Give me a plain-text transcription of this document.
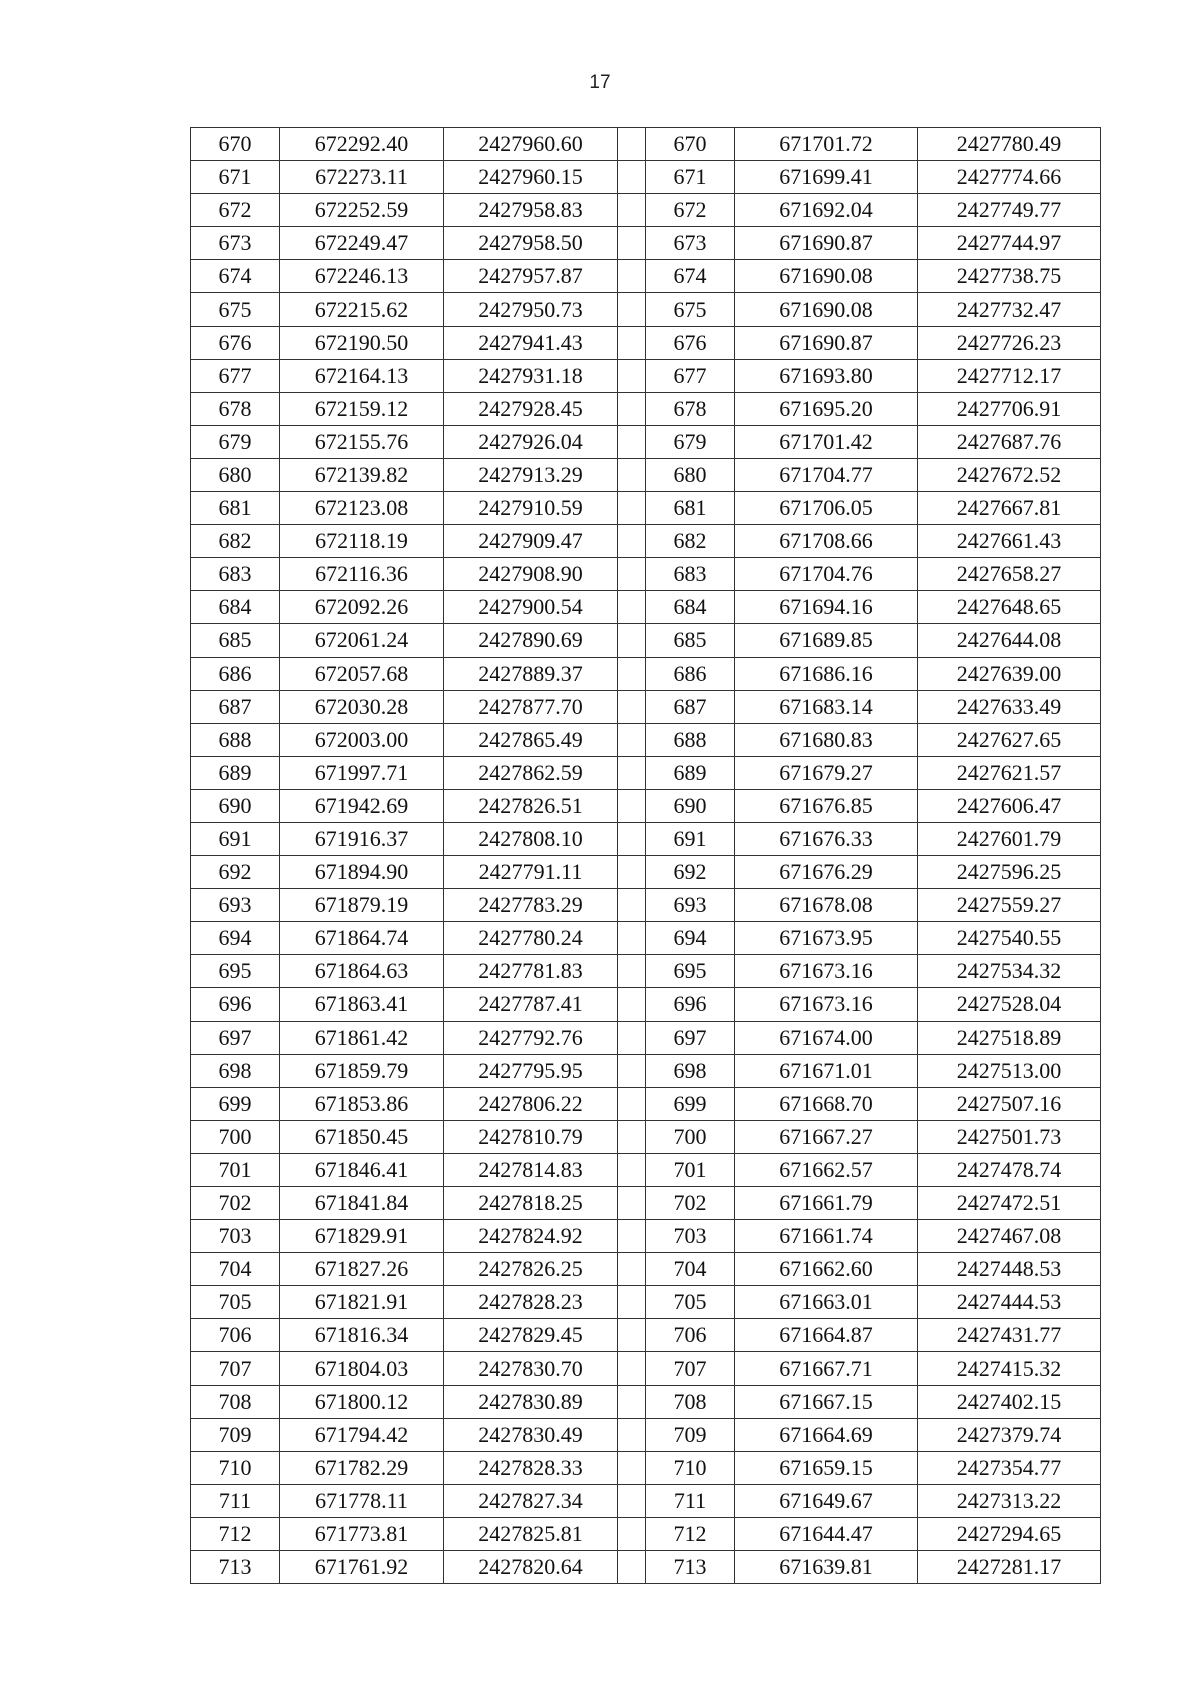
17
670	672292.40	2427960.60		670	671701.72	2427780.49
671	672273.11	2427960.15		671	671699.41	2427774.66
672	672252.59	2427958.83		672	671692.04	2427749.77
673	672249.47	2427958.50		673	671690.87	2427744.97
674	672246.13	2427957.87		674	671690.08	2427738.75
675	672215.62	2427950.73		675	671690.08	2427732.47
676	672190.50	2427941.43		676	671690.87	2427726.23
677	672164.13	2427931.18		677	671693.80	2427712.17
678	672159.12	2427928.45		678	671695.20	2427706.91
679	672155.76	2427926.04		679	671701.42	2427687.76
680	672139.82	2427913.29		680	671704.77	2427672.52
681	672123.08	2427910.59		681	671706.05	2427667.81
682	672118.19	2427909.47		682	671708.66	2427661.43
683	672116.36	2427908.90		683	671704.76	2427658.27
684	672092.26	2427900.54		684	671694.16	2427648.65
685	672061.24	2427890.69		685	671689.85	2427644.08
686	672057.68	2427889.37		686	671686.16	2427639.00
687	672030.28	2427877.70		687	671683.14	2427633.49
688	672003.00	2427865.49		688	671680.83	2427627.65
689	671997.71	2427862.59		689	671679.27	2427621.57
690	671942.69	2427826.51		690	671676.85	2427606.47
691	671916.37	2427808.10		691	671676.33	2427601.79
692	671894.90	2427791.11		692	671676.29	2427596.25
693	671879.19	2427783.29		693	671678.08	2427559.27
694	671864.74	2427780.24		694	671673.95	2427540.55
695	671864.63	2427781.83		695	671673.16	2427534.32
696	671863.41	2427787.41		696	671673.16	2427528.04
697	671861.42	2427792.76		697	671674.00	2427518.89
698	671859.79	2427795.95		698	671671.01	2427513.00
699	671853.86	2427806.22		699	671668.70	2427507.16
700	671850.45	2427810.79		700	671667.27	2427501.73
701	671846.41	2427814.83		701	671662.57	2427478.74
702	671841.84	2427818.25		702	671661.79	2427472.51
703	671829.91	2427824.92		703	671661.74	2427467.08
704	671827.26	2427826.25		704	671662.60	2427448.53
705	671821.91	2427828.23		705	671663.01	2427444.53
706	671816.34	2427829.45		706	671664.87	2427431.77
707	671804.03	2427830.70		707	671667.71	2427415.32
708	671800.12	2427830.89		708	671667.15	2427402.15
709	671794.42	2427830.49		709	671664.69	2427379.74
710	671782.29	2427828.33		710	671659.15	2427354.77
711	671778.11	2427827.34		711	671649.67	2427313.22
712	671773.81	2427825.81		712	671644.47	2427294.65
713	671761.92	2427820.64		713	671639.81	2427281.17
